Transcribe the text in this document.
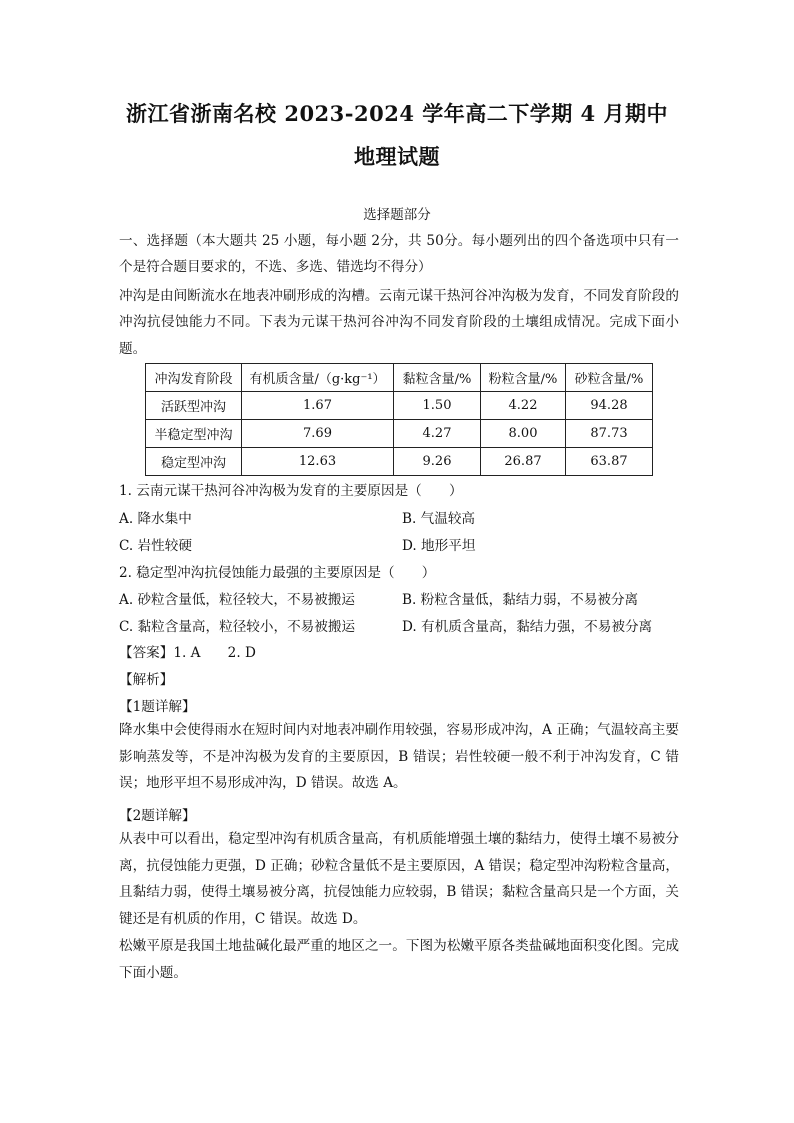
浙江省浙南名校 2023-2024 学年高二下学期 4 月期中
地理试题
选择题部分
一、选择题（本大题共 25 小题，每小题 2分，共 50分。每小题列出的四个备选项中只有一个是符合题目要求的，不选、多选、错选均不得分）
冲沟是由间断流水在地表冲刷形成的沟槽。云南元谋干热河谷冲沟极为发育，不同发育阶段的冲沟抗侵蚀能力不同。下表为元谋干热河谷冲沟不同发育阶段的土壤组成情况。完成下面小题。
冲沟发育阶段	有机质含量/（g·kg⁻¹）	黏粒含量/%	粉粒含量/%	砂粒含量/%
活跃型冲沟	1.67	1.50	4.22	94.28
半稳定型冲沟	7.69	4.27	8.00	87.73
稳定型冲沟	12.63	9.26	26.87	63.87
1. 云南元谋干热河谷冲沟极为发育的主要原因是（　　）
A. 降水集中	B. 气温较高
C. 岩性较硬	D. 地形平坦
2. 稳定型冲沟抗侵蚀能力最强的主要原因是（　　）
A. 砂粒含量低，粒径较大，不易被搬运	B. 粉粒含量低，黏结力弱，不易被分离
C. 黏粒含量高，粒径较小，不易被搬运	D. 有机质含量高，黏结力强，不易被分离
【答案】1. A　　2. D
【解析】
【1题详解】
降水集中会使得雨水在短时间内对地表冲刷作用较强，容易形成冲沟，A 正确；气温较高主要影响蒸发等，不是冲沟极为发育的主要原因，B 错误；岩性较硬一般不利于冲沟发育，C 错误；地形平坦不易形成冲沟，D 错误。故选 A。
【2题详解】
从表中可以看出，稳定型冲沟有机质含量高，有机质能增强土壤的黏结力，使得土壤不易被分离，抗侵蚀能力更强，D 正确；砂粒含量低不是主要原因，A 错误；稳定型冲沟粉粒含量高，且黏结力弱，使得土壤易被分离，抗侵蚀能力应较弱，B 错误；黏粒含量高只是一个方面，关键还是有机质的作用，C 错误。故选 D。
松嫩平原是我国土地盐碱化最严重的地区之一。下图为松嫩平原各类盐碱地面积变化图。完成下面小题。
